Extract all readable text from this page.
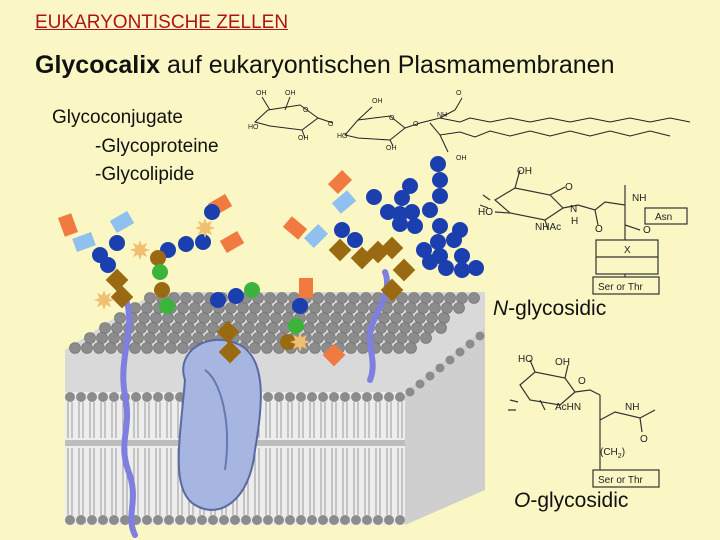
EUKARYONTISCHE ZELLEN
Glycocalix auf eukaryontischen Plasmamembranen
Glycoconjugate
-Glycoproteine
-Glycolipide
OH	OH
O
HO
OH
O
OH
O
HO
OH
O
NH
O
OH
OH
O
HO
NHAc
N
H
O
NH
O
Asn
X
Ser or Thr
N-glycosidic
HO OH
O
AcHN	NH
O
$(CH_2)$
Ser or Thr
O-glycosidic
